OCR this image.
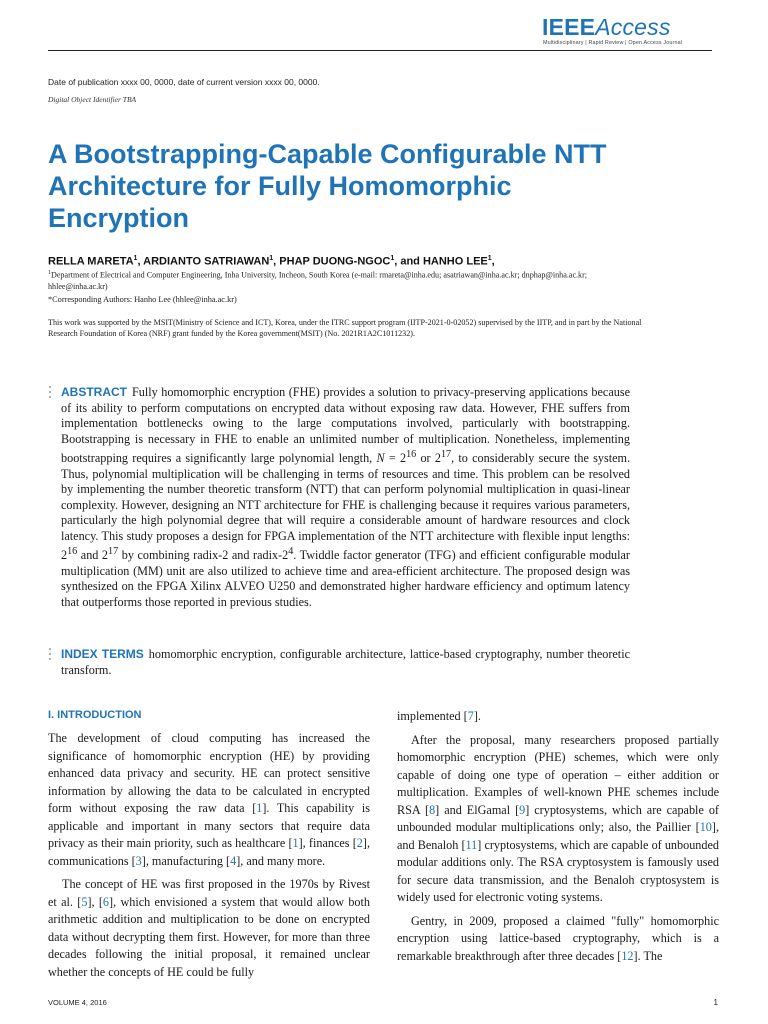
IEEEAccess
Multidisciplinary | Rapid Review | Open Access Journal
Date of publication xxxx 00, 0000, date of current version xxxx 00, 0000.
Digital Object Identifier TBA
A Bootstrapping-Capable Configurable NTT Architecture for Fully Homomorphic Encryption
RELLA MARETA$^1$, ARDIANTO SATRIAWAN$^1$, PHAP DUONG-NGOC$^1$, and HANHO LEE$^1$,
$^1$Department of Electrical and Computer Engineering, Inha University, Incheon, South Korea (e-mail: rmareta@inha.edu; asatriawan@inha.ac.kr; dnphap@inha.ac.kr; hhlee@inha.ac.kr)
*Corresponding Authors: Hanho Lee (hhlee@inha.ac.kr)
This work was supported by the MSIT(Ministry of Science and ICT), Korea, under the ITRC support program (IITP-2021-0-02052) supervised by the IITP, and in part by the National Research Foundation of Korea (NRF) grant funded by the Korea government(MSIT) (No. 2021R1A2C1011232).
ABSTRACT Fully homomorphic encryption (FHE) provides a solution to privacy-preserving applications because of its ability to perform computations on encrypted data without exposing raw data. However, FHE suffers from implementation bottlenecks owing to the large computations involved, particularly with bootstrapping. Bootstrapping is necessary in FHE to enable an unlimited number of multiplication. Nonetheless, implementing bootstrapping requires a significantly large polynomial length, $N = 2^{16}$ or $2^{17}$, to considerably secure the system. Thus, polynomial multiplication will be challenging in terms of resources and time. This problem can be resolved by implementing the number theoretic transform (NTT) that can perform polynomial multiplication in quasi-linear complexity. However, designing an NTT architecture for FHE is challenging because it requires various parameters, particularly the high polynomial degree that will require a considerable amount of hardware resources and clock latency. This study proposes a design for FPGA implementation of the NTT architecture with flexible input lengths: $2^{16}$ and $2^{17}$ by combining radix-2 and radix-$2^4$. Twiddle factor generator (TFG) and efficient configurable modular multiplication (MM) unit are also utilized to achieve time and area-efficient architecture. The proposed design was synthesized on the FPGA Xilinx ALVEO U250 and demonstrated higher hardware efficiency and optimum latency that outperforms those reported in previous studies.
INDEX TERMS homomorphic encryption, configurable architecture, lattice-based cryptography, number theoretic transform.
I. INTRODUCTION

The development of cloud computing has increased the significance of homomorphic encryption (HE) by providing enhanced data privacy and security. HE can protect sensitive information by allowing the data to be calculated in encrypted form without exposing the raw data [1]. This capability is applicable and important in many sectors that require data privacy as their main priority, such as healthcare [1], finances [2], communications [3], manufacturing [4], and many more.

The concept of HE was first proposed in the 1970s by Rivest et al. [5], [6], which envisioned a system that would allow both arithmetic addition and multiplication to be done on encrypted data without decrypting them first. However, for more than three decades following the initial proposal, it remained unclear whether the concepts of HE could be fully

implemented [7].

After the proposal, many researchers proposed partially homomorphic encryption (PHE) schemes, which were only capable of doing one type of operation – either addition or multiplication. Examples of well-known PHE schemes include RSA [8] and ElGamal [9] cryptosystems, which are capable of unbounded modular multiplications only; also, the Paillier [10], and Benaloh [11] cryptosystems, which are capable of unbounded modular additions only. The RSA cryptosystem is famously used for secure data transmission, and the Benaloh cryptosystem is widely used for electronic voting systems.

Gentry, in 2009, proposed a claimed "fully" homomorphic encryption using lattice-based cryptography, which is a remarkable breakthrough after three decades [12]. The

VOLUME 4, 2016	1
